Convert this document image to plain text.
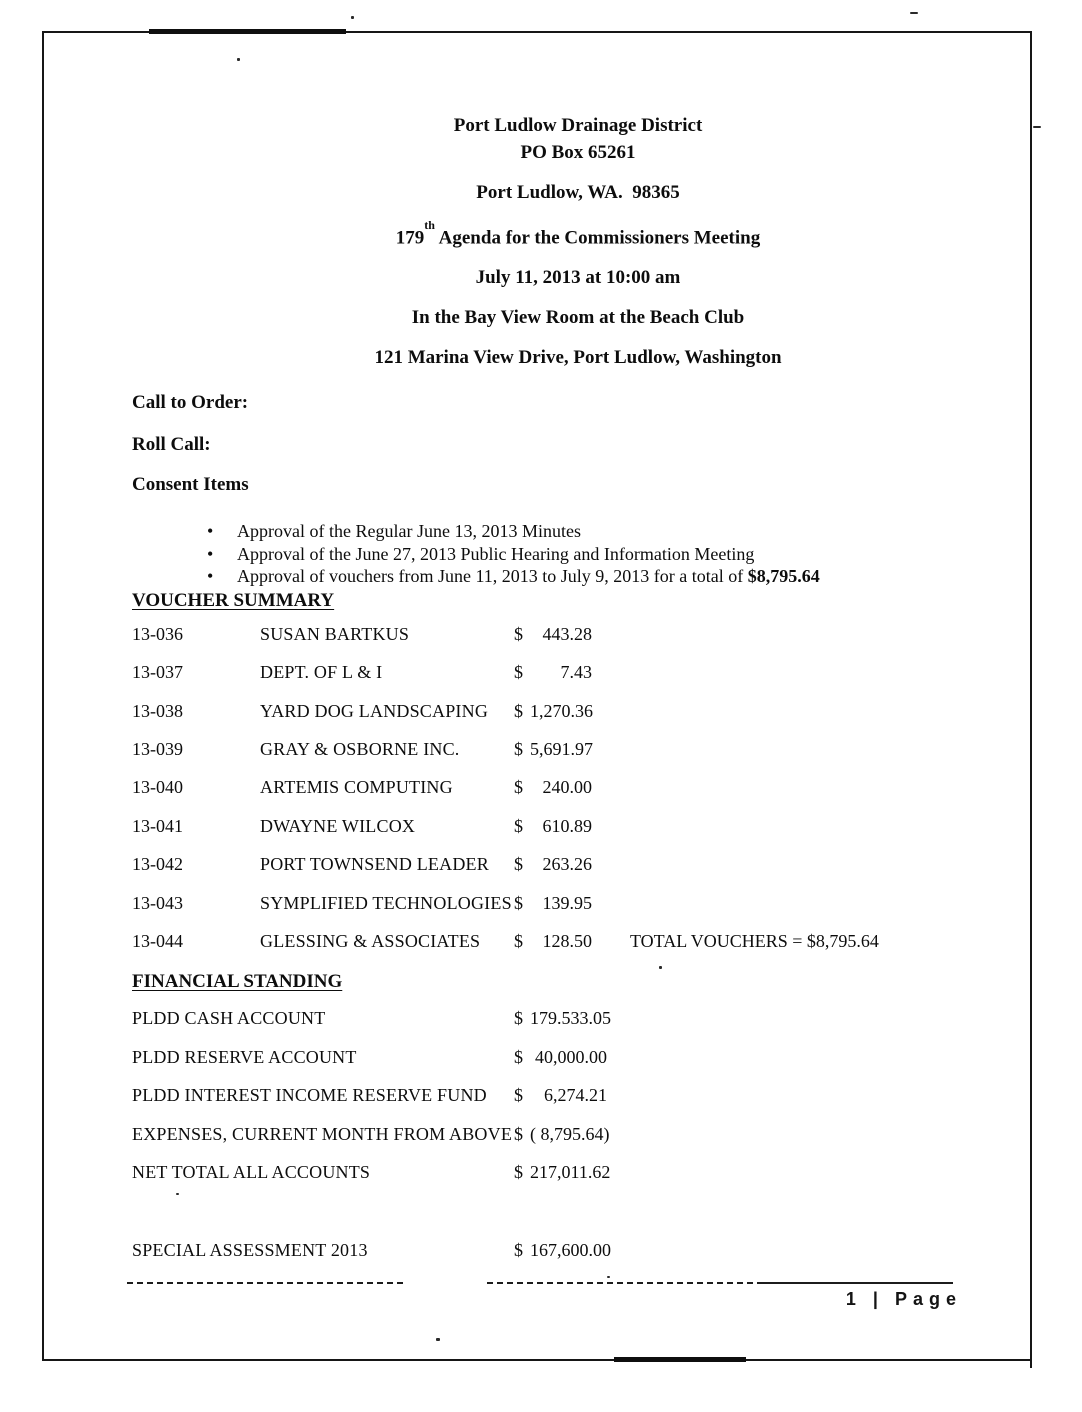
Port Ludlow Drainage District
PO Box 65261
Port Ludlow, WA.  98365
179th Agenda for the Commissioners Meeting
July 11, 2013 at 10:00 am
In the Bay View Room at the Beach Club
121 Marina View Drive, Port Ludlow, Washington
Call to Order:
Roll Call:
Consent Items
•	Approval of the Regular June 13, 2013 Minutes
•	Approval of the June 27, 2013 Public Hearing and Information Meeting
•	Approval of vouchers from June 11, 2013 to July 9, 2013 for a total of $8,795.64
VOUCHER SUMMARY
13-036	SUSAN BARTKUS	$	443.28
13-037	DEPT. OF L & I	$	7.43
13-038	YARD DOG LANDSCAPING	$ 1,270.36
13-039	GRAY & OSBORNE INC.	$ 5,691.97
13-040	ARTEMIS COMPUTING	$	240.00
13-041	DWAYNE WILCOX	$	610.89
13-042	PORT TOWNSEND LEADER	$	263.26
13-043	SYMPLIFIED TECHNOLOGIES $	139.95
13-044	GLESSING & ASSOCIATES	$	128.50 TOTAL VOUCHERS = $8,795.64
FINANCIAL STANDING
PLDD CASH ACCOUNT	$ 179.533.05
PLDD RESERVE ACCOUNT	$ 40,000.00
PLDD INTEREST INCOME RESERVE FUND	$	6,274.21
EXPENSES, CURRENT MONTH FROM ABOVE $ ( 8,795.64)
NET TOTAL ALL ACCOUNTS	$ 217,011.62
SPECIAL ASSESSMENT 2013	$ 167,600.00
1 | Page
